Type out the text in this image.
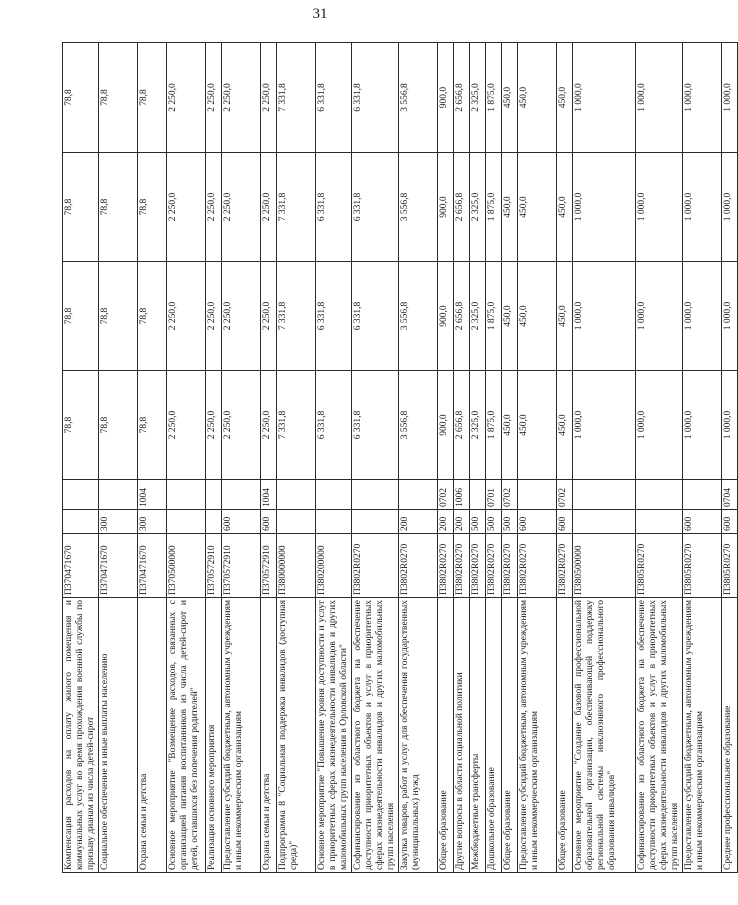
31
Компенсация расходов на оплату жилого помещения и коммунальных услуг во время прохождения военной службы по призыву дианам из числа детей-сирот	П370471670			78,8	78,8	78,8	78,8
Социальное обеспечение и иные выплаты населению	П370471670	300		78,8	78,8	78,8	78,8
Охрана семьи и детства	П370471670	300	1004	78,8	78,8	78,8	78,8
Основное мероприятие "Возмещение расходов, связанных с организацией питания воспитанников из числа детей-сирот и детей, оставшихся без попечения родителей"	П370500000			2 250,0	2 250,0	2 250,0	2 250,0
Реализация основного мероприятия	П370572910			2 250,0	2 250,0	2 250,0	2 250,0
Предоставление субсидий бюджетным, автономным учреждениям и иным некоммерческим организациям	П370572910	600		2 250,0	2 250,0	2 250,0	2 250,0
Охрана семьи и детства	П370572910	600	1004	2 250,0	2 250,0	2 250,0	2 250,0
Подпрограмма 8 "Социальная поддержка инвалидов (доступная среда)"	П380000000			7 331,8	7 331,8	7 331,8	7 331,8
Основное мероприятие "Повышение уровня доступности и услуг в приоритетных сферах жизнедеятельности инвалидов и других маломобильных групп населения в Орловской области"	П380200000			6 331,8	6 331,8	6 331,8	6 331,8
Софинансирование из областного бюджета на обеспечение доступности приоритетных объектов и услуг в приоритетных сферах жизнедеятельности инвалидов и других маломобильных групп населения	П3802R0270			6 331,8	6 331,8	6 331,8	6 331,8
Закупка товаров, работ и услуг для обеспечения государственных (муниципальных) нужд	П3802R0270	200		3 556,8	3 556,8	3 556,8	3 556,8
Общее образование	П3802R0270	200	0702	900,0	900,0	900,0	900,0
Другие вопросы в области социальной политики	П3802R0270	200	1006	2 656,8	2 656,8	2 656,8	2 656,8
Межбюджетные трансферты	П3802R0270	500		2 325,0	2 325,0	2 325,0	2 325,0
Дошкольное образование	П3802R0270	500	0701	1 875,0	1 875,0	1 875,0	1 875,0
Общее образование	П3802R0270	500	0702	450,0	450,0	450,0	450,0
Предоставление субсидий бюджетным, автономным учреждениям и иным некоммерческим организациям	П3802R0270	600		450,0	450,0	450,0	450,0
Общее образование	П3802R0270	600	0702	450,0	450,0	450,0	450,0
Основное мероприятие "Создание базовой профессиональной образовательной организации, обеспечивающей поддержку региональной системы инклюзивного профессионального образования инвалидов"	П380500000			1 000,0	1 000,0	1 000,0	1 000,0
Софинансирование из областного бюджета на обеспечение доступности приоритетных объектов и услуг в приоритетных сферах жизнедеятельности инвалидов и других маломобильных групп населения	П3805R0270			1 000,0	1 000,0	1 000,0	1 000,0
Предоставление субсидий бюджетным, автономным учреждениям и иным некоммерческим организациям	П3805R0270	600		1 000,0	1 000,0	1 000,0	1 000,0
Среднее профессиональное образование	П3805R0270	600	0704	1 000,0	1 000,0	1 000,0	1 000,0
